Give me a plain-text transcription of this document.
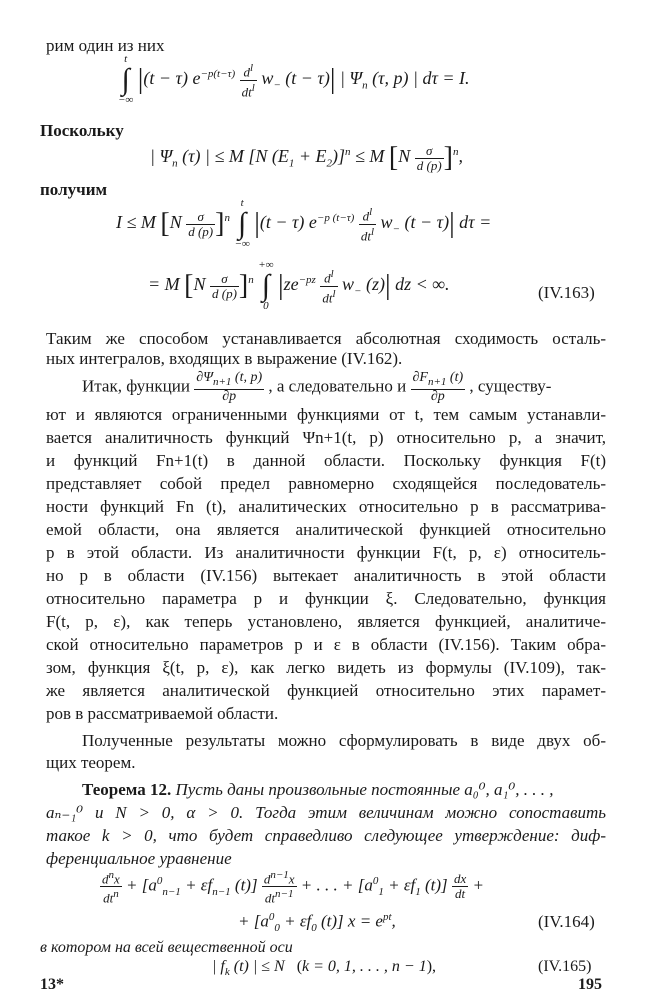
рим один из них
t
∫
−∞
|(t − τ) $e^{-p(t-\tau)} \frac{d^l}{dt^l} w_-$ (t − τ)| | $\Psi_n$ (τ, p) | dτ = I.
Поскольку
| $\Psi_n$ (τ) | ≤ M [N $(E_1 + E_2)]^n \le M$ $[N \frac{\sigma}{d (p)} ]^n$,
получим
I ≤ M $[N \frac{\sigma}{d (p)} ]^n$
t
∫
−∞
|(t − τ) $e^{-p (t-\tau)} \frac{d^l}{dt^l} w_-$ (t − τ)| dτ =
= M $[N \frac{\sigma}{d (p)} ]^n$
+∞
∫
0
$|ze^{-pz} \frac{d^l}{dt^l} w_-$ (z)| dz < ∞.	(IV.163)
Таким же способом устанавливается абсолютная сходимость осталь-
ных интегралов, входящих в выражение (IV.162).
Итак, функции $\frac{\partial\Psi_{n+1} (t, p)}{\partial p}$ , а следовательно и $\frac{\partial F_{n+1} (t)}{\partial p}$ , существу-
ют и являются ограниченными функциями от t, тем самым устанавли-
вается аналитичность функций Ψn+1(t, p) относительно p, а значит,
и функций Fn+1(t) в данной области. Поскольку функция F(t)
представляет собой предел равномерно сходящейся последователь-
ности функций Fn (t), аналитических относительно p в рассматрива-
емой области, она является аналитической функцией относительно
p в этой области. Из аналитичности функции F(t, p, ε) относитель-
но p в области (IV.156) вытекает аналитичность в этой области
относительно параметра p и функции ξ. Следовательно, функция
F(t, p, ε), как теперь установлено, является функцией, аналитиче-
ской относительно параметров p и ε в области (IV.156). Таким обра-
зом, функция ξ(t, p, ε), как легко видеть из формулы (IV.109), так-
же является аналитической функцией относительно этих парамет-
ров в рассматриваемой области.
Полученные результаты можно сформулировать в виде двух об-
щих теорем.
Теорема 12. Пусть даны произвольные постоянные a₀⁰, a₁⁰, . . . ,
aₙ₋₁⁰ и N > 0, α > 0. Тогда этим величинам можно сопоставить
такое k > 0, что будет справедливо следующее утверждение: диф-
ференциальное уравнение
$\frac{d^nx}{dt^n} + [a^0_{n-1} + \varepsilon f_{n-1}$ $(t)] \frac{d^{n-1}x}{dt^{n-1}}$ + . . . + [$a^0_1 + \varepsilon f_1$ $(t)] \frac{dx}{dt}$ +
+ [$a^0_0 + \varepsilon f_0$ (t)] $x = e^{pt}$,	(IV.164)
в котором на всей вещественной оси
| $f_k$ (t) | ≤ N   (k = 0, 1, . . . , n − 1),	(IV.165)
13*	195
